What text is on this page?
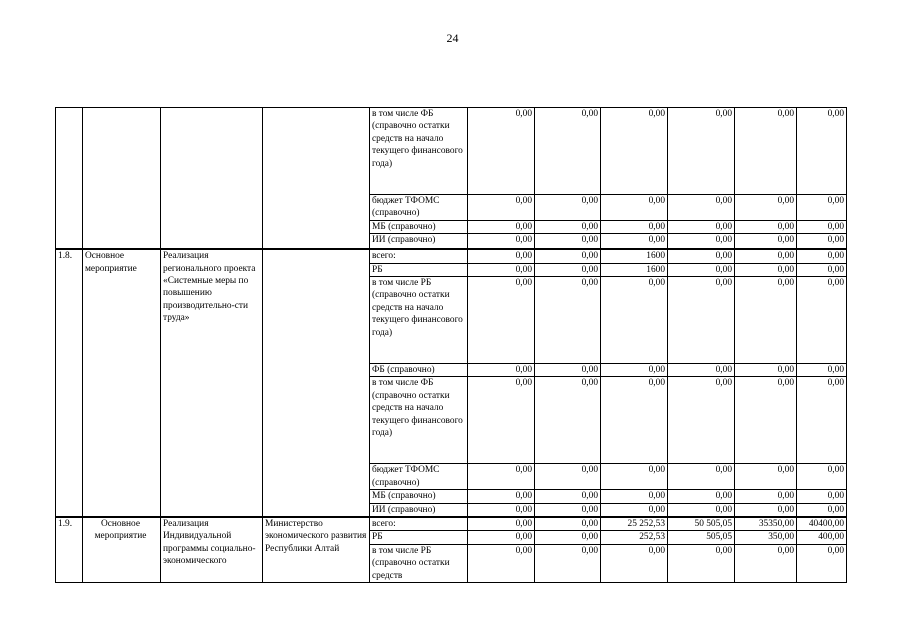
24
				в том числе ФБ (справочно остатки средств на начало текущего финансового года)	0,00	0,00	0,00	0,00	0,00	0,00
				бюджет ТФОМС (справочно)	0,00	0,00	0,00	0,00	0,00	0,00
				МБ (справочно)	0,00	0,00	0,00	0,00	0,00	0,00
				ИИ (справочно)	0,00	0,00	0,00	0,00	0,00	0,00
1.8.	Основное мероприятие	Реализация регионального проекта «Системные меры по повышению производительно-сти труда»		всего:	0,00	0,00	1600	0,00	0,00	0,00
				РБ	0,00	0,00	1600	0,00	0,00	0,00
				в том числе РБ (справочно остатки средств на начало текущего финансового года)	0,00	0,00	0,00	0,00	0,00	0,00
				ФБ (справочно)	0,00	0,00	0,00	0,00	0,00	0,00
				в том числе ФБ (справочно остатки средств на начало текущего финансового года)	0,00	0,00	0,00	0,00	0,00	0,00
				бюджет ТФОМС (справочно)	0,00	0,00	0,00	0,00	0,00	0,00
				МБ (справочно)	0,00	0,00	0,00	0,00	0,00	0,00
				ИИ (справочно)	0,00	0,00	0,00	0,00	0,00	0,00
1.9.	Основное мероприятие	Реализация Индивидуальной программы социально-экономического	Министерство экономического развития Республики Алтай	всего:	0,00	0,00	25 252,53	50 505,05	35350,00	40400,00
				РБ	0,00	0,00	252,53	505,05	350,00	400,00
				в том числе РБ (справочно остатки средств	0,00	0,00	0,00	0,00	0,00	0,00
